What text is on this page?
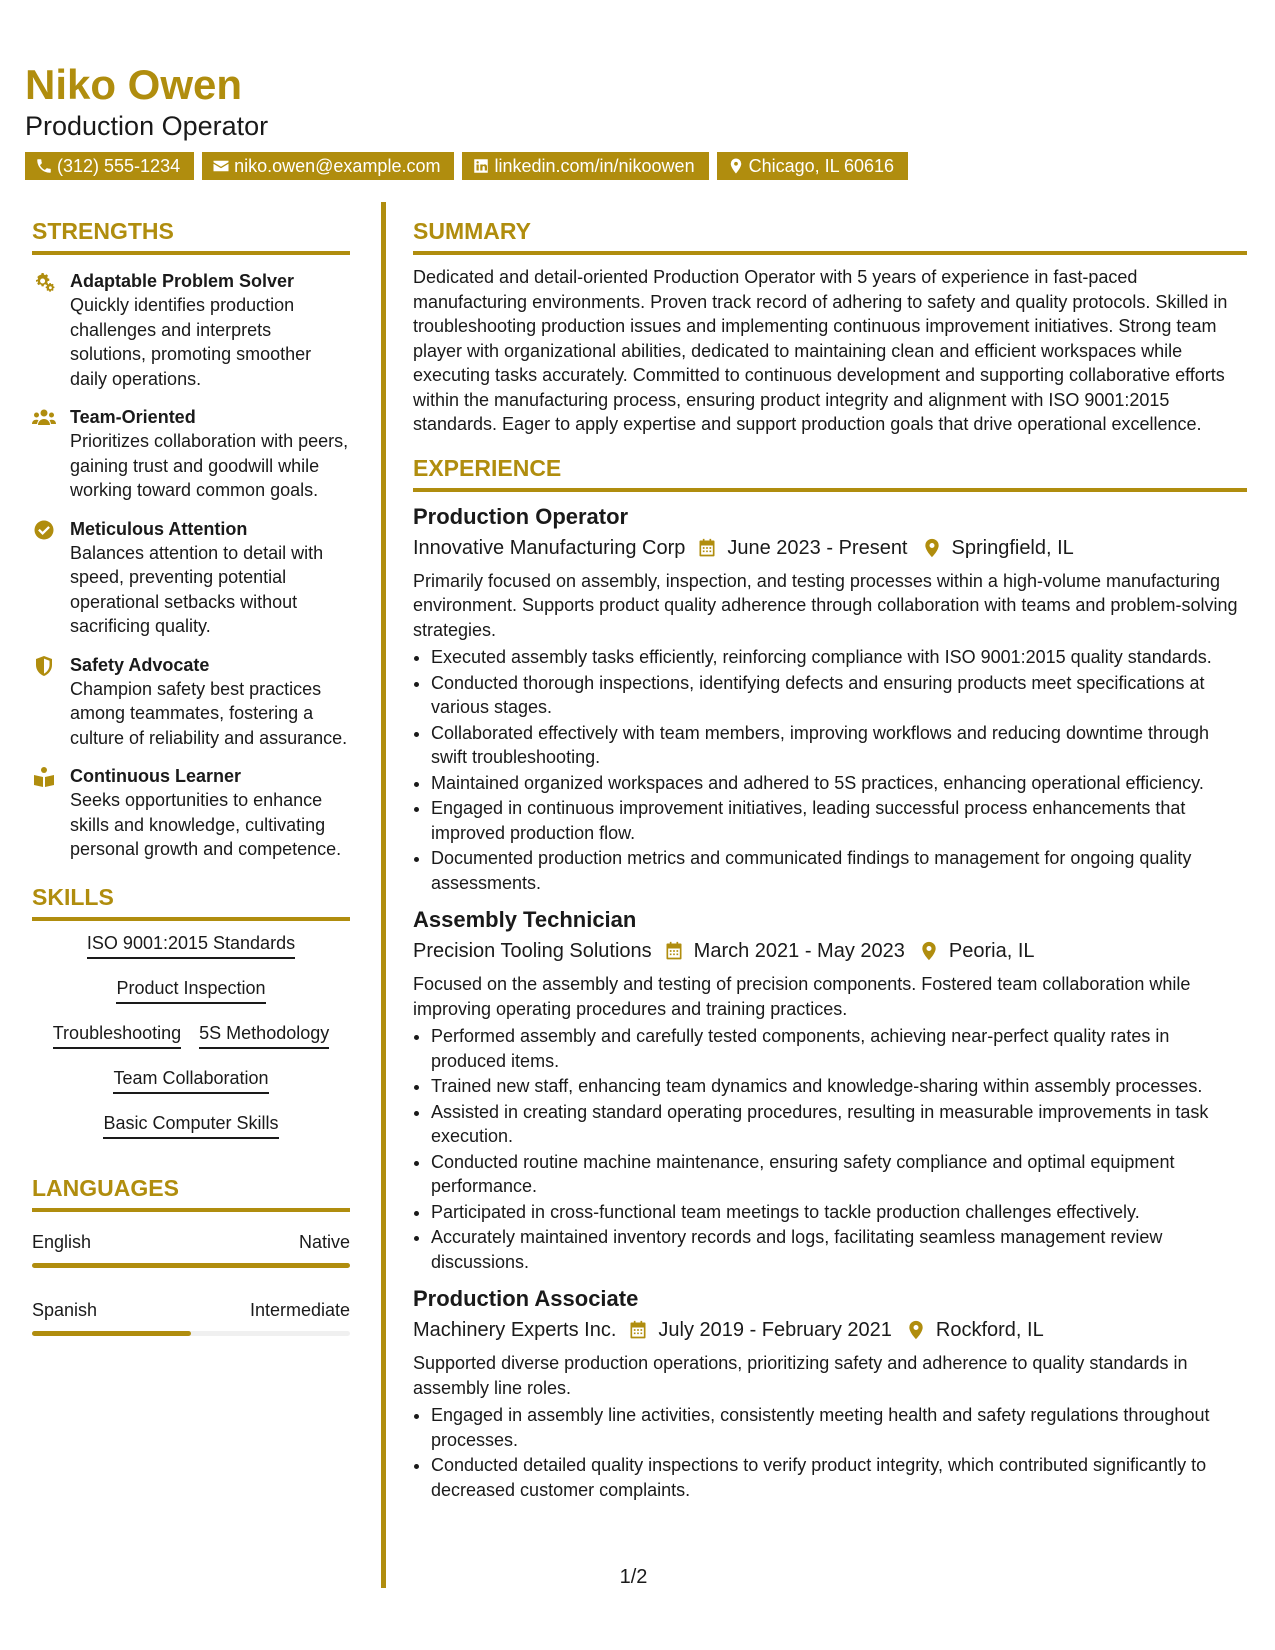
Niko Owen

Production Operator

(312) 555-1234	niko.owen@example.com	linkedin.com/in/nikoowen	Chicago, IL 60616
STRENGTHS
Adaptable Problem Solver
Quickly identifies production challenges and interprets solutions, promoting smoother daily operations.
Team-Oriented
Prioritizes collaboration with peers, gaining trust and goodwill while working toward common goals.
Meticulous Attention
Balances attention to detail with speed, preventing potential operational setbacks without sacrificing quality.
Safety Advocate
Champion safety best practices among teammates, fostering a culture of reliability and assurance.
Continuous Learner
Seeks opportunities to enhance skills and knowledge, cultivating personal growth and competence.
SKILLS
ISO 9001:2015 Standards
Product Inspection
Troubleshooting 5S Methodology
Team Collaboration
Basic Computer Skills
LANGUAGES
English	Native
Spanish	Intermediate
SUMMARY

Dedicated and detail-oriented Production Operator with 5 years of experience in fast-paced manufacturing environments. Proven track record of adhering to safety and quality protocols. Skilled in troubleshooting production issues and implementing continuous improvement initiatives. Strong team player with organizational abilities, dedicated to maintaining clean and efficient workspaces while executing tasks accurately. Committed to continuous development and supporting collaborative efforts within the manufacturing process, ensuring product integrity and alignment with ISO 9001:2015 standards. Eager to apply expertise and support production goals that drive operational excellence.

EXPERIENCE
Production Operator
Innovative Manufacturing Corp June 2023 - Present Springfield, IL

Primarily focused on assembly, inspection, and testing processes within a high-volume manufacturing environment. Supports product quality adherence through collaboration with teams and problem-solving strategies.

• Executed assembly tasks efficiently, reinforcing compliance with ISO 9001:2015 quality standards.
• Conducted thorough inspections, identifying defects and ensuring products meet specifications at various stages.
• Collaborated effectively with team members, improving workflows and reducing downtime through swift troubleshooting.
• Maintained organized workspaces and adhered to 5S practices, enhancing operational efficiency.
• Engaged in continuous improvement initiatives, leading successful process enhancements that improved production flow.
• Documented production metrics and communicated findings to management for ongoing quality assessments.
Assembly Technician
Precision Tooling Solutions March 2021 - May 2023 Peoria, IL

Focused on the assembly and testing of precision components. Fostered team collaboration while improving operating procedures and training practices.

• Performed assembly and carefully tested components, achieving near-perfect quality rates in produced items.
• Trained new staff, enhancing team dynamics and knowledge-sharing within assembly processes.
• Assisted in creating standard operating procedures, resulting in measurable improvements in task execution.
• Conducted routine machine maintenance, ensuring safety compliance and optimal equipment performance.
• Participated in cross-functional team meetings to tackle production challenges effectively.
• Accurately maintained inventory records and logs, facilitating seamless management review discussions.
Production Associate
Machinery Experts Inc. July 2019 - February 2021 Rockford, IL

Supported diverse production operations, prioritizing safety and adherence to quality standards in assembly line roles.

• Engaged in assembly line activities, consistently meeting health and safety regulations throughout processes.
• Conducted detailed quality inspections to verify product integrity, which contributed significantly to decreased customer complaints.
1/2
